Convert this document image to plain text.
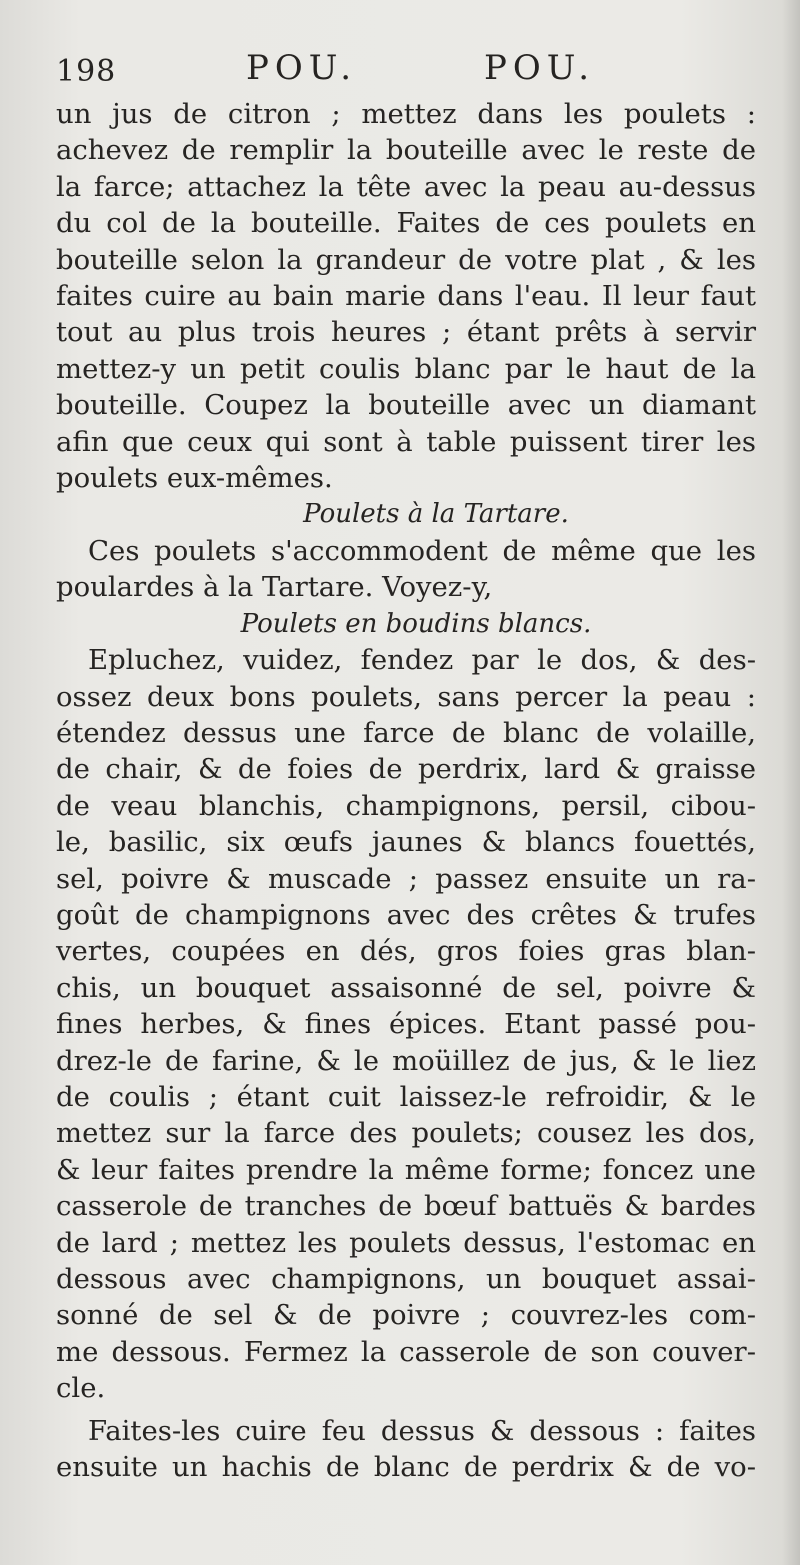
198	POU.	POU.
un jus de citron ; mettez dans les poulets :
achevez de remplir la bouteille avec le reste de
la farce; attachez la tête avec la peau au-dessus
du col de la bouteille. Faites de ces poulets en
bouteille selon la grandeur de votre plat , & les
faites cuire au bain marie dans l'eau. Il leur faut
tout au plus trois heures ; étant prêts à servir
mettez-y un petit coulis blanc par le haut de la
bouteille. Coupez la bouteille avec un diamant
afin que ceux qui sont à table puissent tirer les
poulets eux-mêmes.
Poulets à la Tartare.
Ces poulets s'accommodent de même que les
poulardes à la Tartare. Voyez-y,
Poulets en boudins blancs.
Epluchez, vuidez, fendez par le dos, & des-
ossez deux bons poulets, sans percer la peau :
étendez dessus une farce de blanc de volaille,
de chair, & de foies de perdrix, lard & graisse
de veau blanchis, champignons, persil, cibou-
le, basilic, six œufs jaunes & blancs fouettés,
sel, poivre & muscade ; passez ensuite un ra-
goût de champignons avec des crêtes & trufes
vertes, coupées en dés, gros foies gras blan-
chis, un bouquet assaisonné de sel, poivre &
fines herbes, & fines épices. Etant passé pou-
drez-le de farine, & le moüillez de jus, & le liez
de coulis ; étant cuit laissez-le refroidir, & le
mettez sur la farce des poulets; cousez les dos,
& leur faites prendre la même forme; foncez une
casserole de tranches de bœuf battuës & bardes
de lard ; mettez les poulets dessus, l'estomac en
dessous avec champignons, un bouquet assai-
sonné de sel & de poivre ; couvrez-les com-
me dessous. Fermez la casserole de son couver-
cle.
Faites-les cuire feu dessus & dessous : faites
ensuite un hachis de blanc de perdrix & de vo-
